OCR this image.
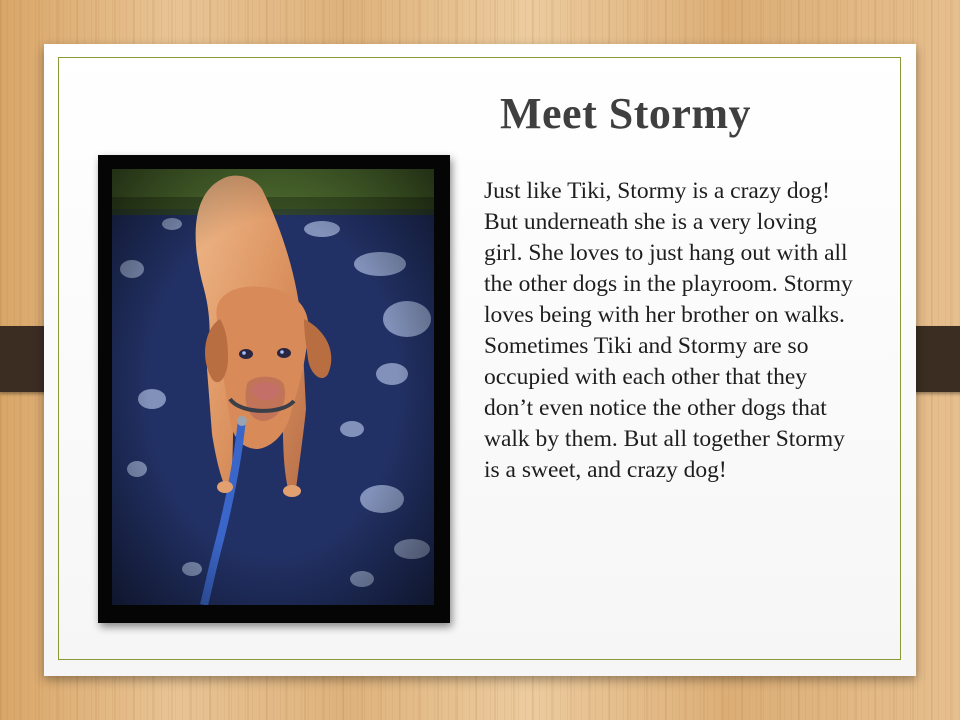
Meet Stormy

Just like Tiki, Stormy is a crazy dog! But underneath she is a very loving girl. She loves to just hang out with all the other dogs in the playroom. Stormy loves being with her brother on walks. Sometimes Tiki and Stormy are so occupied with each other that they don’t even notice the other dogs that walk by them. But all together Stormy is a sweet, and crazy dog!
